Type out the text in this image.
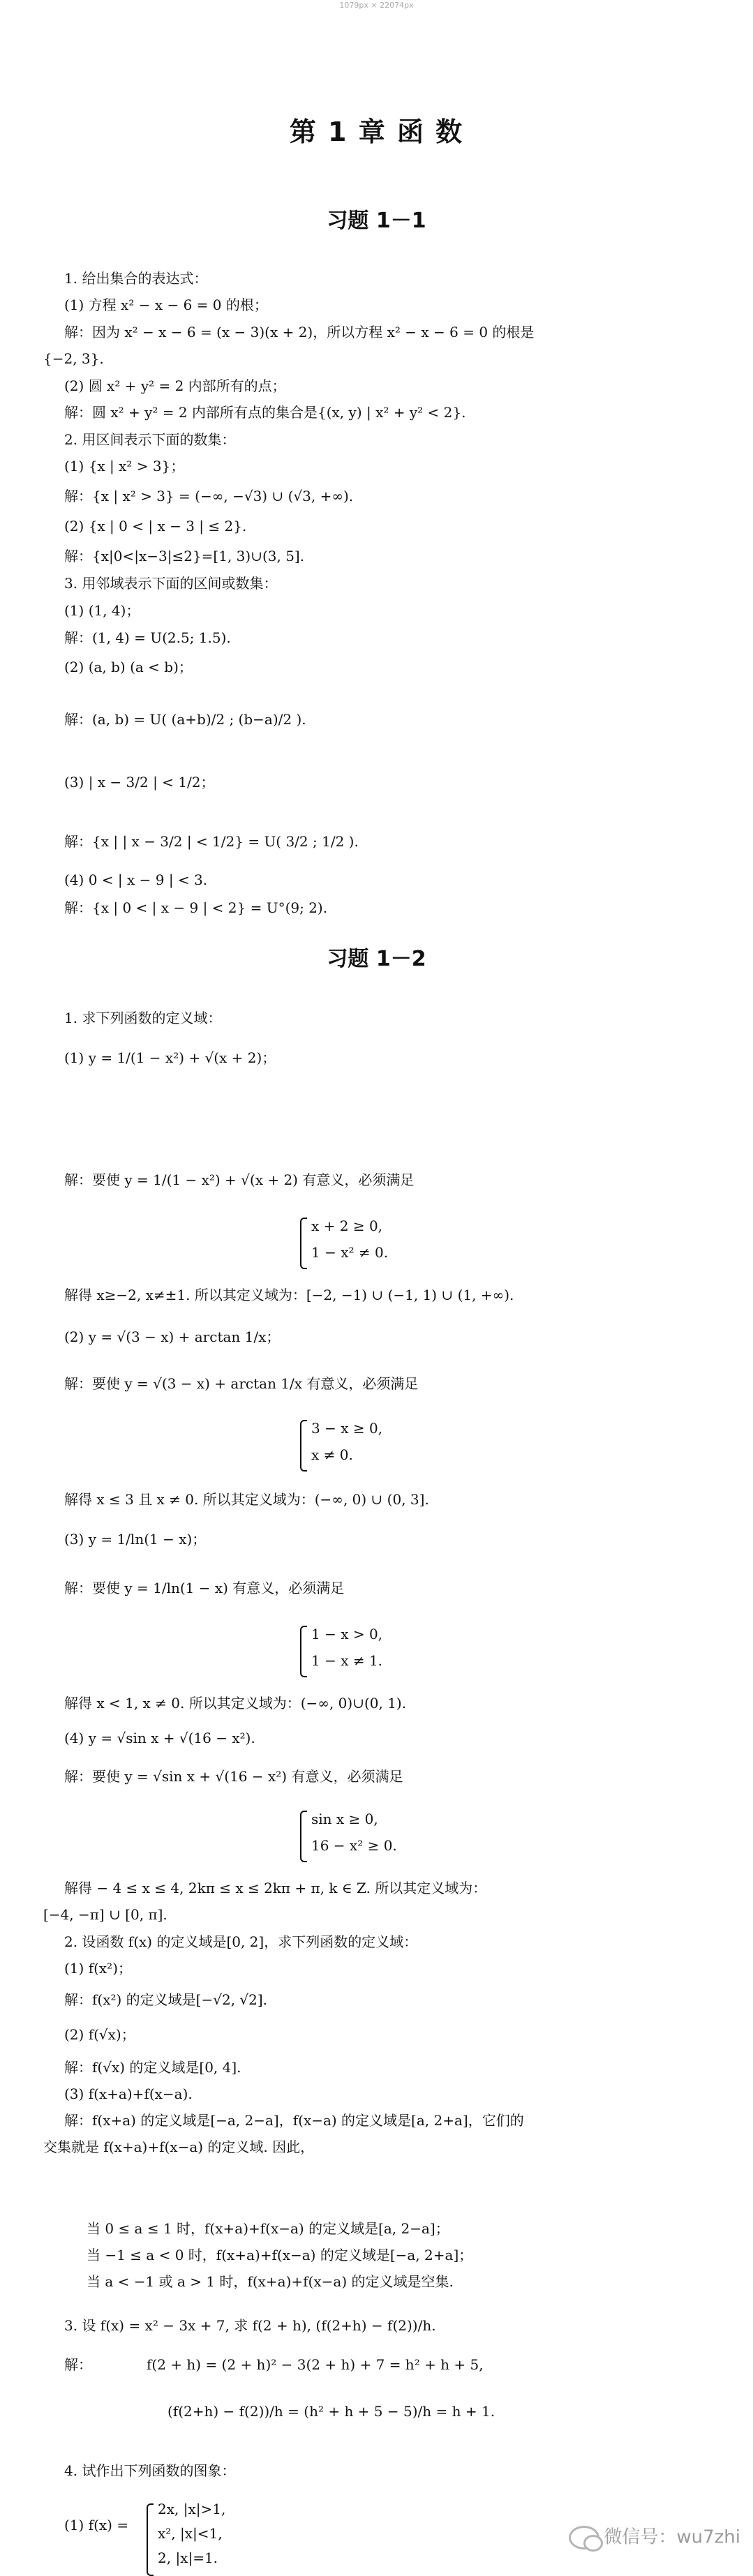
1079px × 22074px
第 1 章 函 数
习题 1－1
1. 给出集合的表达式：
(1) 方程 x² − x − 6 = 0 的根；
解：因为 x² − x − 6 = (x − 3)(x + 2)，所以方程 x² − x − 6 = 0 的根是
{−2, 3}.
(2) 圆 x² + y² = 2 内部所有的点；
解：圆 x² + y² = 2 内部所有点的集合是{(x, y) | x² + y² < 2}.
2. 用区间表示下面的数集：
(1) {x | x² > 3}；
解：{x | x² > 3} = (−∞, −√3) ∪ (√3, +∞).
(2) {x | 0 < | x − 3 | ≤ 2}.
解：{x|0<|x−3|≤2}=[1, 3)∪(3, 5].
3. 用邻域表示下面的区间或数集：
(1) (1, 4)；
解：(1, 4) = U(2.5; 1.5).
(2) (a, b) (a < b)；
解：(a, b) = U( (a+b)/2 ; (b−a)/2 ).
(3) | x − 3/2 | < 1/2；
解：{x | | x − 3/2 | < 1/2} = U( 3/2 ; 1/2 ).
(4) 0 < | x − 9 | < 3.
解：{x | 0 < | x − 9 | < 2} = U°(9; 2).
习题 1－2
1. 求下列函数的定义域：
(1) y = 1/(1 − x²) + √(x + 2)；
解：要使 y = 1/(1 − x²) + √(x + 2) 有意义，必须满足
x + 2 ≥ 0,
1 − x² ≠ 0.
解得 x≥−2, x≠±1. 所以其定义域为：[−2, −1) ∪ (−1, 1) ∪ (1, +∞).
(2) y = √(3 − x) + arctan 1/x；
解：要使 y = √(3 − x) + arctan 1/x 有意义，必须满足
3 − x ≥ 0,
x ≠ 0.
解得 x ≤ 3 且 x ≠ 0. 所以其定义域为：(−∞, 0) ∪ (0, 3].
(3) y = 1/ln(1 − x)；
解：要使 y = 1/ln(1 − x) 有意义，必须满足
1 − x > 0,
1 − x ≠ 1.
解得 x < 1, x ≠ 0. 所以其定义域为：(−∞, 0)∪(0, 1).
(4) y = √sin x + √(16 − x²).
解：要使 y = √sin x + √(16 − x²) 有意义，必须满足
sin x ≥ 0,
16 − x² ≥ 0.
解得 − 4 ≤ x ≤ 4, 2kπ ≤ x ≤ 2kπ + π, k ∈ Z. 所以其定义域为：
[−4, −π] ∪ [0, π].
2. 设函数 f(x) 的定义域是[0, 2]，求下列函数的定义域：
(1) f(x²)；
解：f(x²) 的定义域是[−√2, √2].
(2) f(√x)；
解：f(√x) 的定义域是[0, 4].
(3) f(x+a)+f(x−a).
解：f(x+a) 的定义域是[−a, 2−a]，f(x−a) 的定义域是[a, 2+a]，它们的
交集就是 f(x+a)+f(x−a) 的定义域. 因此，
当 0 ≤ a ≤ 1 时，f(x+a)+f(x−a) 的定义域是[a, 2−a]；
当 −1 ≤ a < 0 时，f(x+a)+f(x−a) 的定义域是[−a, 2+a]；
当 a < −1 或 a > 1 时，f(x+a)+f(x−a) 的定义域是空集.
3. 设 f(x) = x² − 3x + 7, 求 f(2 + h), (f(2+h) − f(2))/h.
解：	f(2 + h) = (2 + h)² − 3(2 + h) + 7 = h² + h + 5,
(f(2+h) − f(2))/h = (h² + h + 5 − 5)/h = h + 1.
4. 试作出下列函数的图象：
(1) f(x) =
2x, |x|>1,
x², |x|<1,
2, |x|=1.
微信号：wu7zhi
